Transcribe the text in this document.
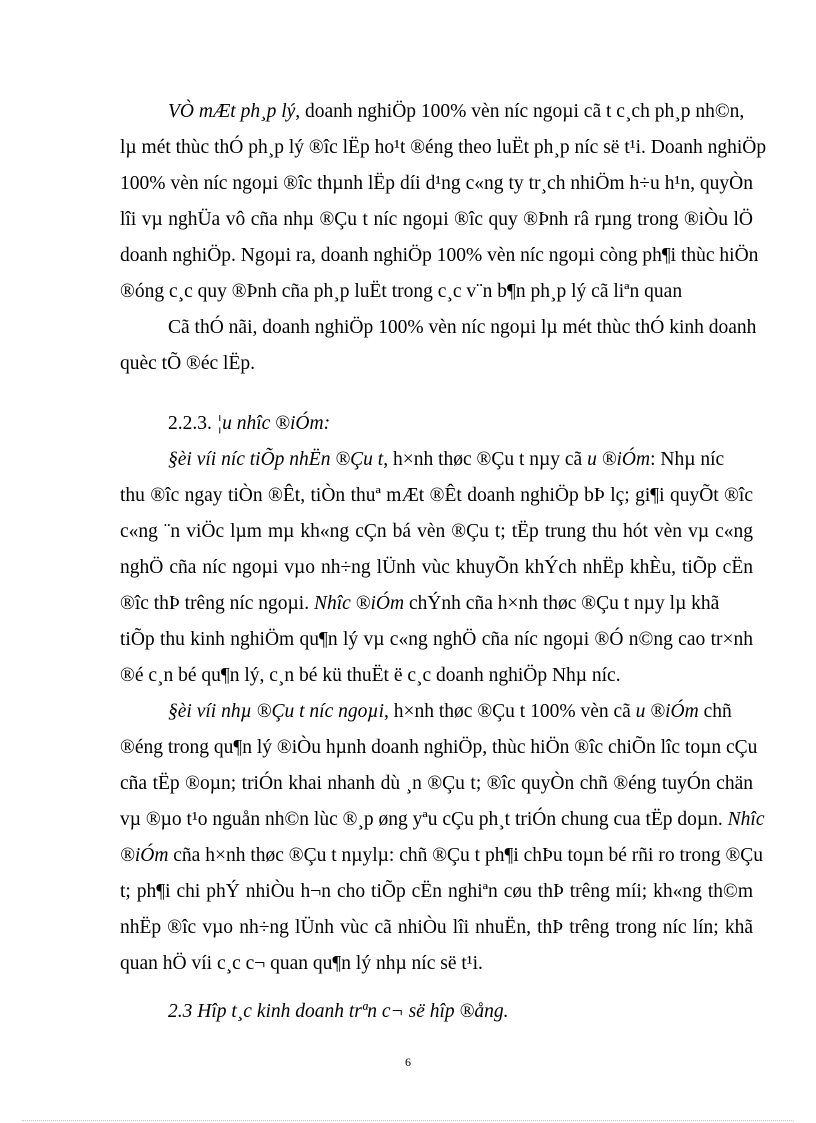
VÒ mÆt ph¸p lý, doanh nghiÖp 100% vèn níc ngoµi cã t c¸ch ph¸p nh©n,
lµ mét thùc thÓ ph¸p lý ®îc lËp ho¹t ®éng theo luËt ph¸p níc së t¹i. Doanh nghiÖp
100% vèn níc ngoµi ®îc thµnh lËp díi d¹ng c«ng ty tr¸ch nhiÖm h÷u h¹n, quyÒn
lîi vµ nghÜa vô cña nhµ ®Çu t níc ngoµi ®îc quy ®Þnh râ rµng trong ®iÒu lÖ
doanh nghiÖp. Ngoµi ra, doanh nghiÖp 100% vèn níc ngoµi còng ph¶i thùc hiÖn
®óng c¸c quy ®Þnh cña ph¸p luËt trong c¸c v¨n b¶n ph¸p lý cã liªn quan
Cã thÓ nãi, doanh nghiÖp 100% vèn níc ngoµi lµ mét thùc thÓ kinh doanh
quèc tÕ ®éc lËp.
2.2.3. ¦u nhîc ®iÓm:
§èi víi níc tiÕp nhËn ®Çu t, h×nh thøc ®Çu t nµy cã u ®iÓm: Nhµ níc
thu ®îc ngay tiÒn ®Êt, tiÒn thuª mÆt ®Êt doanh nghiÖp bÞ lç; gi¶i quyÕt ®îc
c«ng ¨n viÖc lµm mµ kh«ng cÇn bá vèn ®Çu t; tËp trung thu hót vèn vµ c«ng
nghÖ cña níc ngoµi vµo nh÷ng lÜnh vùc khuyÕn khÝch nhËp khÈu, tiÕp cËn
®îc thÞ trêng níc ngoµi. Nhîc ®iÓm chÝnh cña h×nh thøc ®Çu t nµy lµ khã
tiÕp thu kinh nghiÖm qu¶n lý vµ c«ng nghÖ cña níc ngoµi ®Ó n©ng cao tr×nh
®é c¸n bé qu¶n lý, c¸n bé kü thuËt ë c¸c doanh nghiÖp Nhµ níc.
§èi víi nhµ ®Çu t níc ngoµi, h×nh thøc ®Çu t 100% vèn cã u ®iÓm chñ
®éng trong qu¶n lý ®iÒu hµnh doanh nghiÖp, thùc hiÖn ®îc chiÕn lîc toµn cÇu
cña tËp ®oµn; triÓn khai nhanh dù ¸n ®Çu t; ®îc quyÒn chñ ®éng tuyÓn chän
vµ ®µo t¹o nguån nh©n lùc ®¸p øng yªu cÇu ph¸t triÓn chung cua tËp doµn. Nhîc
®iÓm cña h×nh thøc ®Çu t nµylµ: chñ ®Çu t ph¶i chÞu toµn bé rñi ro trong ®Çu
t; ph¶i chi phÝ nhiÒu h¬n cho tiÕp cËn nghiªn cøu thÞ trêng míi; kh«ng th©m
nhËp ®îc vµo nh÷ng lÜnh vùc cã nhiÒu lîi nhuËn, thÞ trêng trong níc lín; khã
quan hÖ víi c¸c c¬ quan qu¶n lý nhµ níc së t¹i.
2.3 Hîp t¸c kinh doanh trªn c¬ së hîp ®ång.
6
